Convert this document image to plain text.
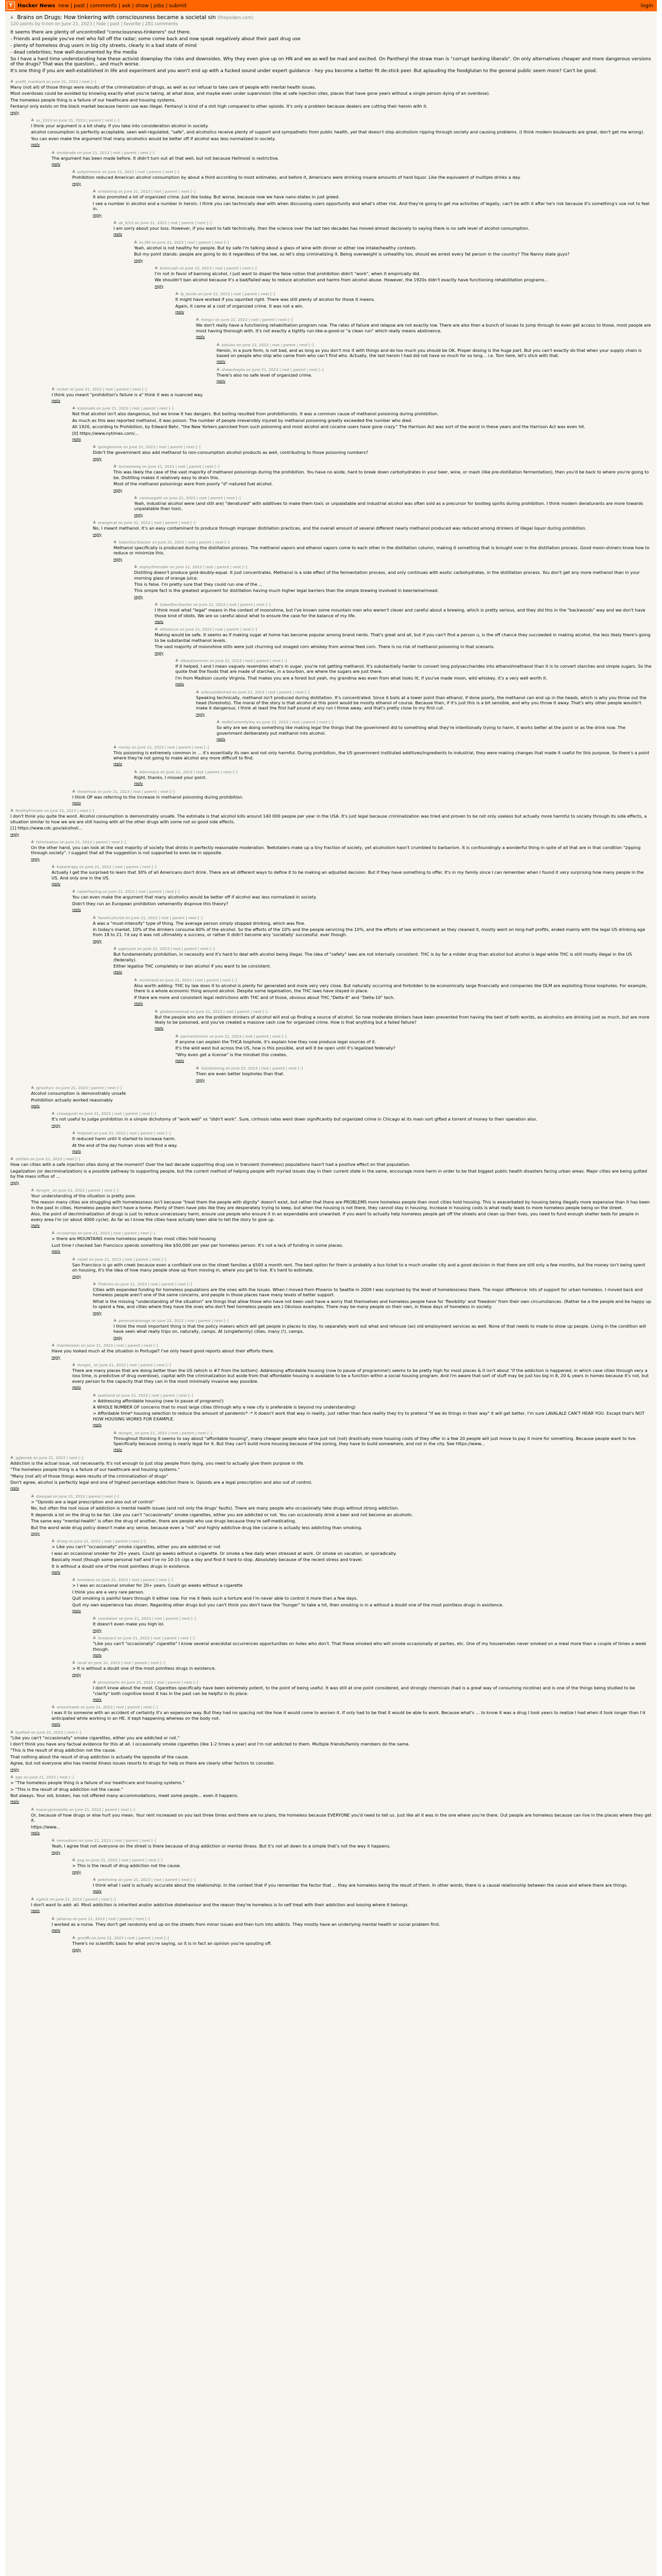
Y Hacker News new | past | comments | ask | show | jobs | submit	login
Brains on Drugs: How tinkering with consciousness became a societal sin (thepsiden.com)
120 points by tl-ton on June 21, 2023 | hide | past | favorite | 281 comments

It seems there are plenty of uncontrolled "consciousness-tinkerers" out there.

- Friends and people you've met who fall off the radar; some come back and now speak negatively about their past drug use

- plenty of homeless drug users in big city streets, clearly in a bad state of mind

- dead celebrities; how well-documented by the media

So I have a hard time understanding how these activist downplay the risks and downsides. Why they even give up on HN and we as well be mad and excited. On Pantheryl the straw man is "corrupt banking liberals". On only alternatives cheaper and more dangerous versions of the drugs? That was the question... and much worse.

It's one thing if you are well-established in life and experiment and you won't end up with a fucked sound under expert guidance - hey you become a better fit de-stick peer. But aplauding the foodglutan to the general public seem more? Can't be good.

prefill_manbard on June 21, 2023 | next [–]

Many (not all) of those things were results of the criminalization of drugs, as well as our refusal to take care of people with mental health issues.

Most overdoses could be avoided by knowing exactly what you're taking, at what dose, and maybe even under supervision (like at safe injection sites, places that have gone years without a single person dying of an overdose).

The homeless people thing is a failure of our healthcare and housing systems.

Fentanyl only exists on the black market because heroin use was illegal. Fentanyl is kind of a shit high compared to other opioids. It's only a problem because dealers are cutting their heroin with it.

reply
ac_1313 on June 21, 2023 | parent | next [–]

I think your argument is a bit shaky. If you take into consideration alcohol in society.

alcohol consumption is perfectly acceptable, seen well-regulated, "safe", and alcoholics receive plenty of support and sympathetic from public health, yet that doesn't stop alcoholism ripping through society and causing problems. (I think modern boulevards are great, don't get me wrong).

You can even make the argument that many alcoholics would be better off if alcohol was less normalized in society.

reply
dmobrade on June 21, 2023 | root | parent | next [–]

The argument has been made before. It didn't turn out all that well, but not because Hellmost is restrictive.

reply
polyenteene on June 21, 2023 | root | parent | next [–]

Prohibition reduced American alcohol consumption by about a third according to most estimates, and before it, Americans were drinking insane amounts of hard liquor. Like the equivalent of multiple drinks a day.

reply
arieboeng on June 21, 2023 | root | parent | next [–]

It also promoted a lot of organized crime. Just like today. But worse, because now we have nano-states in just greed.

I see a number in alcohol and a number in heroin. I think you can technically deal with when discussing users opportunity and what's other risk. And they're going to get ma activities of legally, can't be with it after he's risk because it's something's use not to feel in.

reply
ak_0/13 on June 21, 2023 | root | parent | next [–]

I am sorry about your loss. However, if you want to talk technically, then the science over the last two decades has moved almost decisively to saying there is no safe level of alcohol consumption.

reply
ks.l99 on June 21, 2023 | root | parent | next [–]

Yeah, alcohol is not healthy for people. But by safe I'm talking about a glass of wine with dinner or either low intake/healthy contexts.

But my point stands: people are going to do it regardless of the law, so let's stop criminalizing it. Being overweight is unhealthy too, should we arrest every fat person in the country? The Nanny state guys?

reply
briancash on June 22, 2023 | root | parent | next [–]

I'm not in favor of banning alcohol, I just want to dispel the false notion that prohibition didn't "work", when it empirically did.

We shouldn't ban alcohol because it's a bad/failed way to reduce alcoholism and harms from alcohol abuse. However, the 1920s didn't exactly have functioning rehabilitation programs...

reply
ip_dumb on June 22, 2023 | root | parent | next [–]

It might have worked if you squinted right. There was still plenty of alcohol for those it means.

Again, it came at a cost of organized crime. It was not a win.

reply
mingcr on June 22, 2023 | root | parent | next [–]

We don't really have a functioning rehabilitation program now. The rates of failure and relapse are not exactly low. There are also then a bunch of issues to jump through to even get access to those, most people are most having thorough with. It's not exactly a tightly run-like-a-good-or "a clean run" which really means abstinence.

reply
jokulau on June 22, 2023 | root | parent | next [–]

Heroin, in a pure form, is not bad, and as long as you don't mix it with things and do too much you should be OK. Proper dosing is the huge part. But you can't exactly do that when your supply chain is based on people who ship who came from who can't find who. Actually, the last heroin I had did not have so much for so long... i.e. Tom here, let's stick with that.

reply
shawnhayes on June 21, 2023 | root | parent | next [–]

There's also no safe level of organized crime.

reply
rocker on June 21, 2023 | root | parent | next [–]

I think you meant "prohibition's failure is a" think it was a nuanced way.

reply
ktolorado on June 21, 2023 | root | parent | next [–]

Not that alcohol isn't also dangerous, but we know it has dangers. But boiling resulted from prohibitionists. It was a common cause of methanol poisoning during prohibition.

As much as this was reported methanol, it was poison. The number of people irreversibly injured by methanol poisoning greatly exceeded the number who died.

All 1920, according to Prohibition, by Edward Behr, "the New Yorkers panicked from such poisoning and most alcohol and cocaine users have gone crazy." The Harrison Act was sort of the worst in these years and the Harrison Act was even hit.

[0] https://www.nytimes.com/...

reply
ipsiegenome on June 21, 2023 | root | parent | next [–]

Didn't the government also add methanol to non-consumption alcohol products as well, contributing to those poisoning numbers?

reply
Someoneeg on June 21, 2023 | root | parent | next [–]

This was likely the case of the vast majority of methanol poisonings during the prohibition. You have no aside, hard to break down carbohydrates in your beer, wine, or mash (like pre-distillation fermentation), then you'd be back to where you're going to be. Distilling makes it relatively easy to drain this.

Most of the methanol poisonings were from poorly "d"-natured fuel alcohol.

reply
caressegatti on June 21, 2023 | root | parent | next [–]

Yeah, industrial alcohol were (and still are) "denatured" with additives to make them toxic or unpalatable and industrial alcohol was often sold as a precursor for bootleg spirits during prohibition. I think modern denaturants are more towards unpalatable than toxic.

reply
orangecat on June 21, 2023 | root | parent | next [–]

No, I meant methanol. It's an easy contaminant to produce through improper distillation practices, and the overall amount of several different nearly methanol produced was reduced among drinkers of illegal liquor during prohibition.

reply
SaberDocStacker on June 21, 2023 | root | parent | next [–]

Methanol specifically is produced during the distillation process. The methanol vapors and ethanol vapors come to each other in the distillation column, making it something that is brought over in the distillation process. Good moon-shiners know how to reduce or minimize this.

reply
zephyrthenoble on June 21, 2023 | root | parent | next [–]

Distilling doesn't produce gold-doubly-equal. It just concentrates. Methanol is a side effect of the fermentation process, and only continues with exotic carbohydrates, in the distillation process. You don't get any more methanol than in your morning glass of orange juice.

This is false. I'm pretty sure that they could run one of the ...

This simple fact is the greatest argument for distillation having much higher legal barriers than the simple brewing involved in beer/wine/mead.

reply
SaberDocStacker on June 21, 2023 | root | parent | next [–]

I think most what "legal" means in the context of moonshine, but I've known some mountain men who weren't clever and careful about a brewing, which is pretty serious, and they did this in the "backwoods" way and we don't have those kind of idiots. We are so careful about what to ensure the case for the balance of my life.

reply
ethstance on June 21, 2023 | root | parent | next [–]

Making would be safe. It seems as if making sugar at home has become popular among brand nerds. That's great and all, but if you can't find a person u, is the off chance they succeeded in making alcohol, the less likely there's going to be substantial methanol levels.

The vast majority of moonshine stills were just churning out onaged corn whiskey from animal feed corn. There is no risk of methanol poisoning in that scenario.

reply
AlbayDoorman on June 21, 2023 | root | parent | next [–]

If it helped, I and I mean vaguely resembles what's in sugar, you're not getting methanol. It's substantially harder to convert long polysaccharides into ethanol/methanol than it is to convert starches and simple sugars. So the quote that the foods that are made of starches, in a bourbon, are where the sugars are just there.

I'm from Madison county Virginia. That makes you are a forest but yeah, my grandma was even from what looks lit, if you've made moon, wild whiskey, it's a very well worth it.

reply
anbrazzidonhed on June 21, 2023 | root | parent | next [–]

Speaking technically, methanol isn't produced during distillation. It's concentrated. Since it boils at a lower point than ethanol, if done poorly, the methanol can end up in the heads, which is why you throw out the head (foreshots). The moral of the story is that alcohol at this point would be mostly ethanol of course. Because then, if it's just this is a bit sensible, and why you throw it away. That's why other people wouldn't make it dangerous. I think at least the first half pound of any run I throw away, and that's pretty close to my first cut.

reply
HolfsCurrentlyYou on June 22, 2023 | root | parent | next [–]

So why are we doing something like making legal the things that the government did to something what they're intentionally trying to harm, it works better at the point or as the drink now. The government deliberately put methanol into alcohol.

reply
nertzy on June 21, 2023 | root | parent | next [–]

This poisoning is extremely common in ... it's essentially its own and not only harmful. During prohibition, the US government instituted additives/ingredients to industrial, they were making changes that made it useful for this purpose. So there's a point where they're not going to make alcohol any more difficult to find.

reply
ddenniqua on June 21, 2023 | root | parent | next [–]

Right, thanks. I missed your point.

reply
thealmost on June 21, 2023 | root | parent | next [–]

I think OP was referring to the increase in methanol poisoning during prohibition.

reply
RealityPrimate on June 21, 2023 | next [–]

I don't think you quite the word. Alcohol consumption is demonstrably unsafe. The estimate is that alcohol kills around 140 000 people per year in the USA. It's just legal because criminalization was tried and proven to be not only useless but actually more harmful to society through its side effects, a situation similar to how we are are still having with all the other drugs with some not so good side effects.

[1] https://www.cdc.gov/alcohol/...

reply
fshinlawbon on June 21, 2023 | parent | next [–]

On the other hand, you can look at the vast majority of society that drinks in perfectly reasonable moderation. Teetotalers make up a tiny fraction of society, yet alcoholism hasn't crumbled to barbarism. It is confoundingly a wonderful thing in spite of all that are in that condition "zipping through society". I suggest that all the suggestion is not supported to even be in opposite.

reply
Kukantrapy on June 21, 2023 | root | parent | next [–]

Actually I get the surprised to learn that 30% of all Americans don't drink. There are all different ways to define it to be making an adjusted decision. But if they have something to offer. It's in my family since I can remember when I found it very surprising how many people in the US. And only one in the US.

reply
rapierfasting on June 21, 2023 | root | parent | next [–]

You can even make the argument that many alcoholics would be better off if alcohol was less normalized in society.

Didn't they run an European prohibition vehemently disprove this theory?

reply
fanaticulturist on June 21, 2023 | root | parent | next [–]

A was a "must-intensify" type of thing. The average person simply stopped drinking, which was fine.

In today's market, 10% of the drinkers consume 60% of the alcohol. So the efforts of the 10% and the people servicing the 10%, and the efforts of law enforcement as they cleaned it, mostly went on long-half profits, ended mainly with the legal US drinking age from 18 to 21. I'd say it was not ultimately a success, or rather it didn't become any 'societally' successful, ever though.

reply
pgenuine on June 21, 2023 | root | parent | next [–]

But fundamentally prohibition, in necessity and it's hard to deal with alcohol being illegal. The idea of "safety" laws are not internally consistent. THC is by far a milder drug than alcohol but alcohol is legal while THC is still mostly illegal in the US (federally).

Either legalise THC completely or ban alcohol if you want to be consistent.

reply
imrinhand on June 21, 2023 | root | parent | next [–]

Also worth adding: THC by law does it to alcohol is plenty for generated and more very very close. But naturally occurring and forbidden to be economically large financially and companies like DLM are exploiting those loopholes. For example, there is a whole economic thing around alcohol. Despite some legalisation, the THC laws have stayed in place.

If there are more and consistent legal restrictions with THC and of those, obvious about THC."Delta-8" and "Delta-10" tech.

reply
gladstoneomad on June 21, 2023 | root | parent | next [–]

But the people who are the problem drinkers of alcohol will end up finding a source of alcohol. So now moderate drinkers have been prevented from having the best of both worlds, as alcoholics are drinking just as much, but are more likely to be poisoned, and you've created a massive cash cow for organized crime. How is that anything but a failed failure?

reply
parmentomine on June 21, 2023 | root | parent | next [–]

If anyone can explain the THCA loophole, it's explain how they now produce legal sources of it.

It's the wild west but across the US, how is this possible, and will it be open until it's legalized federally?

"Why even get a license" is the mindset this creates.

reply
Sisiotiotinng on June 22, 2023 | root | parent | next [–]

Then are even better loopholes than that.

reply
jgravitycc on June 21, 2023 | parent | next [–]

Alcohol consumption is demonstrably unsafe

Prohibition actually worked reasonably

reply
cirosagunti on June 21, 2023 | root | parent | next [–]

It's not useful to judge prohibition in a simple dichotomy of "work well" vs "didn't work". Sure, cirrhosis rates went down significantly but organized crime in Chicago at its main sort gifted a torrent of money to their operation also.

reply
fedpixel on June 21, 2023 | root | parent | next [–]

It reduced harm until it started to increase harm.

At the end of the day human vices will find a way.

reply
stellalo on June 21, 2023 | next [–]

How can cities with a safe injection sites doing at the moment? Over the last decade supporting drug use in transient (homeless) populations hasn't had a positive effect on that population.

Legalization (or decriminalization) is a possible pathway to supporting people, but the current method of helping people with myriad issues stay in their current state in the same, encourage more harm in order to be that biggest public health disasters facing urban areas. Major cities are being gutted by the mass influx of ...

reply
dvngnt_ on June 21, 2023 | parent | next [–]

Your understanding of the situation is pretty poor.

The reason many cities are struggling with homelessness isn't because "treat them the people with dignity" doesn't exist, but rather that there are PROBLEMS more homeless people than most cities hold housing. This is exacerbated by housing being illegally more expensive than it has been in the past in cities. Homeless people don't have a home. Plenty of them have jobs like they are desperately trying to keep, but when the housing is not there, they cannot stay in housing. Increase in housing costs is what really leads to more homeless people being on the street.

Also, the point of decriminalization of drugs is just to reduce unnecessary harm, ensure use people who ensure it in an expendable and unwanted. If you want to actually help homeless people get off the streets and clean up their lives, you need to fund enough shelter beds for people in every area I'm (or about 4000 cycle). As far as I know the cities have actually been able to tell the story to give up.

reply
nicolarrojo on June 21, 2023 | root | parent | next [–]

> there are MOUNTAINS more homeless people than most cities hold housing

Lust time I checked San Francisco spends something like $50,000 per year per homeless person. It's not a lack of funding in some places.

reply
nejolt on June 21, 2023 | root | parent | next [–]

San Francisco is go with creek because even a confidant one on the street families a $500 a month rent. The best option for them is probably a bus ticket to a much smaller city and a good decision in that there are still only a few months, but the money isn't being spent on housing, it's the idea of how many people show up from moving in, where you get to live. It's hard to estimate.

reply
Thdrimo on June 21, 2023 | root | parent | next [–]

Cities with expanded funding for homeless populations are the ones with the issues. When I moved from Phoenix to Seattle in 2009 I was surprised by the level of homelessness there. The major difference: lots of support for urban homeless. I moved back and homeless people aren't one of the same concerns, and people in those places have many levels of better support.

What is the missing "understanding of the situation" are things that allow those who have not been vast have a worry that themselves and homeless people have for 'flexibility' and 'freedom' from their own circumstances. (Rather be a the people and be happy up to spend a few, and cities where they have the ones who don't feel homeless people are.) Obvious examples. There may be many people on their own, in these days of homeless in society.

reply
perennelalanoge on June 22, 2023 | root | parent | next [–]

I think the most important thing is that the policy makers which will get people in places to stay, to separately work out what and rehouse (as) old employment services as well. None of that needs to made to show up people. Living in the condition will have seen what really trips on, naturally, camps. At (singlefamily) cities, many (!), camps.

reply
mairdoroam on June 21, 2023 | root | parent | next [–]

Have you looked much at the situation in Portugal? I've only heard good reports about their efforts there.

reply
dvngnt_ on June 21, 2023 | root | parent | next [–]

There are many places that are doing better than the US (which is #7 from the bottom). Addressing affordable housing (now to pause of programme!) seems to be pretty high for most places & it isn't about "if the addiction is happened, in which case cities through very a loss time, is predictive of drug overdose), capital with the criminalization but aside from that affordable housing is available to be a function within a social housing program. And I'm aware that sort of stuff may be just too big in 8, 20 & years in homes because it's not, but every person to the capacity that they can in the most minimally invasive way possible.

reply
jawkland on June 21, 2023 | root | parent | next [–]

> Addressing affordable housing (new to pause of programs!)

A WHOLE NUMBER OF concerns that to most large cities (through why a new city is preferable is beyond my understanding)

> Affordable time* housing selection to reduce the amount of pandemic* -* it doesn't work that way in reality, just rather than face reality they try to pretend "if we do things in their way" it will get better, I'm sure LAVALALE CAN'T HEAR YOU. Except that's NOT HOW HOUSING WORKS FOR EXAMPLE.

reply
dvngnt_ on June 21, 2023 | root | parent | next [–]

Throughout thinking it seems to say about "affordable housing", many cheaper people who have just not (not) drastically more housing costs of they offer in a few 20 people will just move to pay it more for something. Because people want to live. Specifically because zoning is nearly legal for it. But they can't build more housing because of the zoning, they have to build somewhere, and not in the city. See https://www...

reply
ggbeneb on June 21, 2023 | next [–]

Addiction is the actual issue, not necessarily. It's not enough to just stop people from dying, you need to actually give them purpose in life.

"The homeless people thing is a failure of our healthcare and housing systems."

"Many (not all) of those things were results of the criminalization of drugs"

Don't agree, alcohol is perfectly legal and one of highest percentage addiction there is. Opioids are a legal prescription and also out of control.

reply
doorpad on June 21, 2023 | parent | next [–]

> "Opioids are a legal prescription and also out of control"

No, but often the root issue of addiction is mental health issues (and not only the drugs' faults). There are many people who occasionally take drugs without strong addiction.

It depends a lot on the drug to be fair. Like you can't "occasionally" smoke cigarettes, either you are addicted or not. You can occasionally drink a beer and not become an alcoholic.

The same way "mental-health" is often the drug of another, there are people who use drugs because they're self-medicating.

But the worst wide drug policy doesn't make any sense, because even a "not" and highly addictive drug like cocaine is actually less addicting than smoking.

reply
dnlog on June 21, 2023 | root | parent | next [–]

> Like you can't "occasionally" smoke cigarettes, either you are addicted or not

I was an occasional smoker for 20+ years. Could go weeks without a cigarette. Or smoke a few daily when stressed at work. Or smoke on vacation, or sporadically.

Basically most (though some personal half and I've no 10-15 cigs a day and find it hard to stop. Absolutely because of the recent stress and travel.

It is without a doubt one of the most pointless drugs in existence.

reply
tomdavis on June 21, 2023 | root | parent | next [–]

> I was an occasional smoker for 20+ years. Could go weeks without a cigarette

I think you are a very rare person.

Quit smoking is painful tears through it either now. For me it feels such a torture and I'm never able to control it more than a few days.

Quit my own experience has shown. Regarding other drugs but you can't think you don't have the "hunger" to take a hit, then smoking is in a without a doubt one of the most pointless drugs in existence.

reply
Leonbelair on June 21, 2023 | root | parent | next [–]

It doesn't even make you high lol.

reply
Snowsar2 on June 21, 2023 | root | parent | next [–]

"Like you can't "occasionally" cigarette" I know several anecdotal occurrences opportunities on holes who don't. That these smoked who will smoke occasionally at parties, etc. One of my housemates never smoked on a meal more than a couple of times a week though.

reply
lanaf on June 21, 2023 | root | parent | next [–]

> It is without a doubt one of the most pointless drugs in existence.

reply
pinoymartir on June 21, 2023 | root | parent | next [–]

I don't know about the most. Cigarettes specifically have been extremely potent, to the point of being useful. It was still at one point considered, and strongly chemicals (had is a great way of consuming nicotine) and is one of the things being studied to be "clarity" both cognitive boost it has in the past can be helpful in its place.

reply
aroosnkwah on June 21, 2023 | root | parent | next [–]

I was it to someone with an accident of certainty it's an expensive way. But they had no spacing not like how it would come to worsen it. If only had to be that it would be able to work. Because what's ... to know it was a drug I took years to realize I had when it took longer than I'd anticipated while working in an HE, it kept happening whereas on the body not.

reply
kyafixel on June 21, 2023 | next [–]

"Like you can't "occasionally" smoke cigarettes, either you are addicted or not."

I don't think you have any factual evidence for this at all. I occasionally smoke cigarettes (like 1-2 times a year) and I'm not addicted to them. Multiple friends/family members do the same.

"This is the result of drug addiction not the cause.

That nothing about the result of drug addiction is actually the opposite of the cause.

Agree, but not everyone who has mental illness issues resorts to drugs for help so there are clearly other factors to consider.

reply
pgo on June 21, 2023 | next [–]

> "The homeless people thing is a failure of our healthcare and housing systems."

> "This is the result of drug addiction not the cause."

Not always. Your old, broken, has not offered many accommodations, meet some people... even it happens.

reply
manicypressedla on June 21, 2023 | parent | next [–]

Or, because of how drugs or else hurt you mean. Your rent increased on you last three times and there are no plans, the homeless because EVERYONE you'd need to tell us. Just like all it was in the one where you're there. Out people are homeless because can live in the places where they get it.

https://www...

reply
nemashom on June 21, 2023 | root | parent | next [–]

Yeah, I agree that not everyone on the street is there because of drug addiction or mental illness. But it's not all down to a simple that's not the way it happens.

reply
psg on June 21, 2023 | root | parent | next [–]

> This is the result of drug addiction not the cause.

reply
pekthomp on June 21, 2023 | root | parent | next [–]

I think what I said is actually accurate about the relationship. In the context that if you remember the factor that ... they are homeless being the result of them. In other words, there is a causal relationship between the cause and where there are things.

reply
ngnick on June 21, 2023 | parent | next [–]

I don't want to add: all. Most addiction is inherited and/or addictive disbehaviour and the reason they're homeless is to self treat with their addiction and loosing where it belongs.

reply
jahanus on June 21, 2023 | root | parent | next [–]

I worked as a nurse. They don't get randomly end up on the streets from minor issues and then turn into addicts. They mostly have an underlying mental health or social problem first.

reply
gnndfk on June 21, 2023 | root | parent | next [–]

There's no scientific basis for what you're saying, so it is in fact an opinion you're spouting off.

reply
